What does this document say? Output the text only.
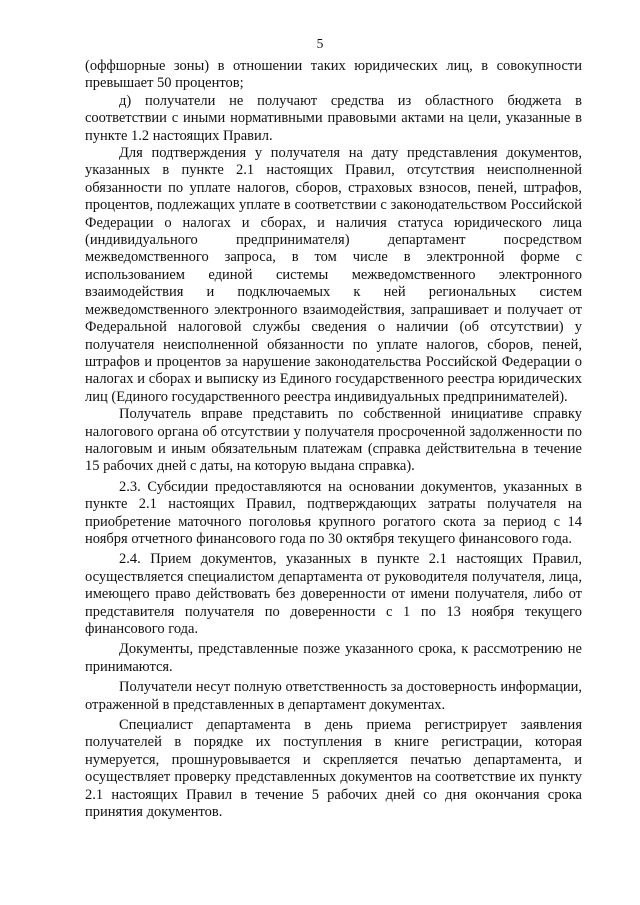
5

(оффшорные зоны) в отношении таких юридических лиц, в совокупности превышает 50 процентов;

д) получатели не получают средства из областного бюджета в соответствии с иными нормативными правовыми актами на цели, указанные в пункте 1.2 настоящих Правил.

Для подтверждения у получателя на дату представления документов, указанных в пункте 2.1 настоящих Правил, отсутствия неисполненной обязанности по уплате налогов, сборов, страховых взносов, пеней, штрафов, процентов, подлежащих уплате в соответствии с законодательством Российской Федерации о налогах и сборах, и наличия статуса юридического лица (индивидуального предпринимателя) департамент посредством межведомственного запроса, в том числе в электронной форме с использованием единой системы межведомственного электронного взаимодействия и подключаемых к ней региональных систем межведомственного электронного взаимодействия, запрашивает и получает от Федеральной налоговой службы сведения о наличии (об отсутствии) у получателя неисполненной обязанности по уплате налогов, сборов, пеней, штрафов и процентов за нарушение законодательства Российской Федерации о налогах и сборах и выписку из Единого государственного реестра юридических лиц (Единого государственного реестра индивидуальных предпринимателей).

Получатель вправе представить по собственной инициативе справку налогового органа об отсутствии у получателя просроченной задолженности по налоговым и иным обязательным платежам (справка действительна в течение 15 рабочих дней с даты, на которую выдана справка).

2.3. Субсидии предоставляются на основании документов, указанных в пункте 2.1 настоящих Правил, подтверждающих затраты получателя на приобретение маточного поголовья крупного рогатого скота за период с 14 ноября отчетного финансового года по 30 октября текущего финансового года.

2.4. Прием документов, указанных в пункте 2.1 настоящих Правил, осуществляется специалистом департамента от руководителя получателя, лица, имеющего право действовать без доверенности от имени получателя, либо от представителя получателя по доверенности с 1 по 13 ноября текущего финансового года.

Документы, представленные позже указанного срока, к рассмотрению не принимаются.

Получатели несут полную ответственность за достоверность информации, отраженной в представленных в департамент документах.

Специалист департамента в день приема регистрирует заявления получателей в порядке их поступления в книге регистрации, которая нумеруется, прошнуровывается и скрепляется печатью департамента, и осуществляет проверку представленных документов на соответствие их пункту 2.1 настоящих Правил в течение 5 рабочих дней со дня окончания срока принятия документов.
